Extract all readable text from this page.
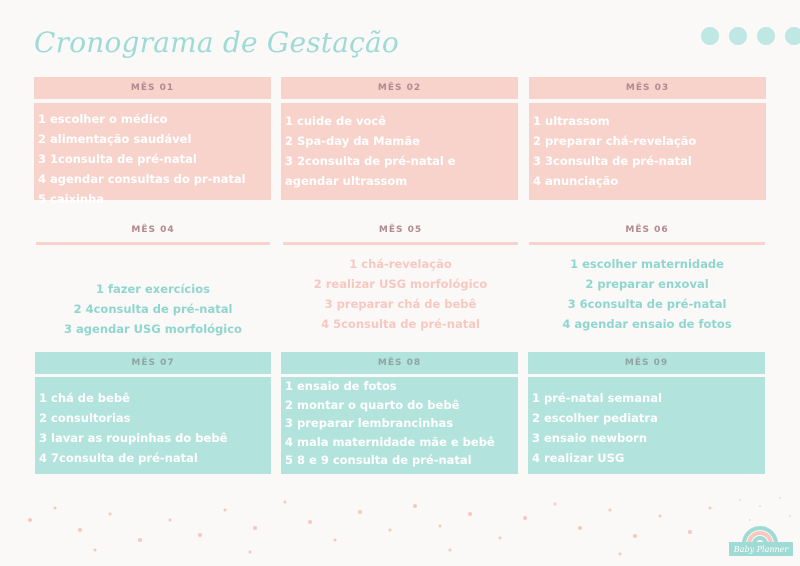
Cronograma de Gestação
MÊS 01
1 escolher o médico
2 alimentação saudável
3 1consulta de pré-natal
4 agendar consultas do pr-natal
5 caixinha
MÊS 02
1 cuide de você
2 Spa-day da Mamãe
3 2consulta de pré-natal e
agendar ultrassom
MÊS 03
1 ultrassom
2 preparar chá-revelação
3 3consulta de pré-natal
4 anunciação
MÊS 04
1 fazer exercícios
2 4consulta de pré-natal
3 agendar USG morfológico
MÊS 05
1 chá-revelação
2 realizar USG morfológico
3 preparar chá de bebê
4 5consulta de pré-natal
MÊS 06
1 escolher maternidade
2 preparar enxoval
3 6consulta de pré-natal
4 agendar ensaio de fotos
MÊS 07
1 chá de bebê
2 consultorias
3 lavar as roupinhas do bebê
4 7consulta de pré-natal
MÊS 08
1 ensaio de fotos
2 montar o quarto do bebê
3 preparar lembrancinhas
4 mala maternidade mãe e bebê
5 8 e 9 consulta de pré-natal
MÊS 09
1 pré-natal semanal
2 escolher pediatra
3 ensaio newborn
4 realizar USG
Baby Planner
